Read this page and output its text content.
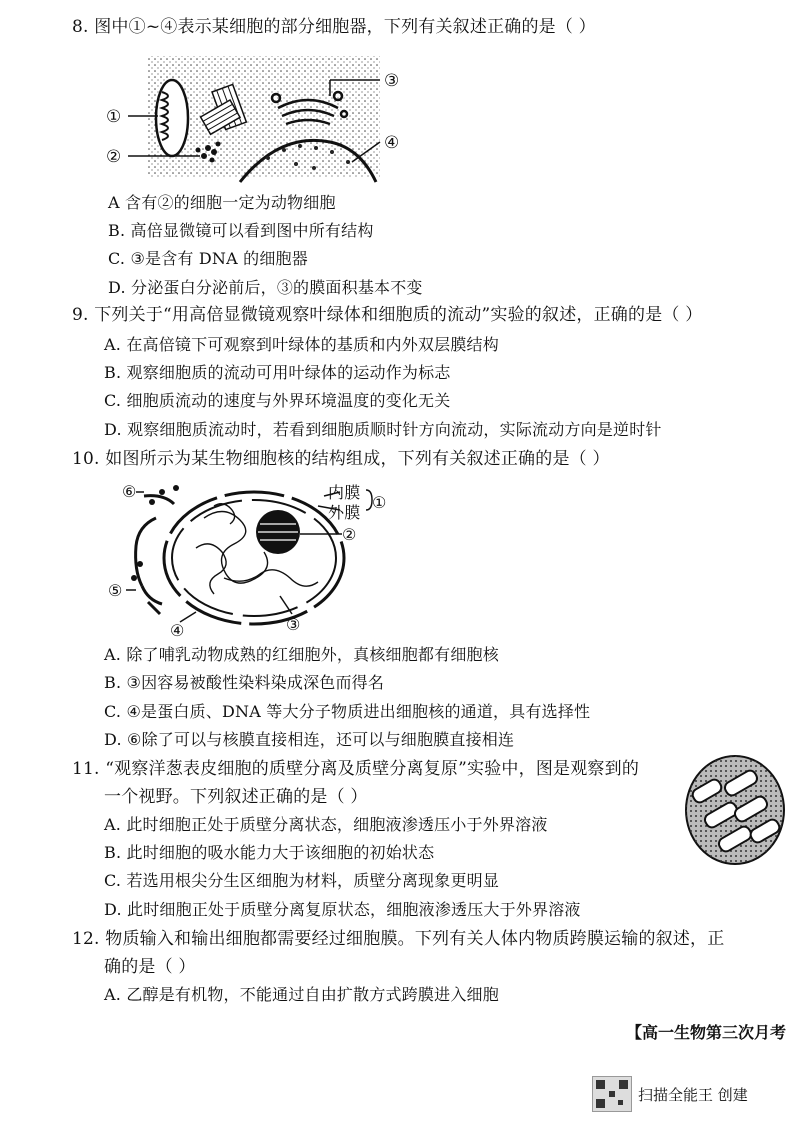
8. 图中①~④表示某细胞的部分细胞器，下列有关叙述正确的是（ ）
①
②
③
④
A 含有②的细胞一定为动物细胞
B. 高倍显微镜可以看到图中所有结构
C. ③是含有 DNA 的细胞器
D. 分泌蛋白分泌前后，③的膜面积基本不变
9. 下列关于“用高倍显微镜观察叶绿体和细胞质的流动”实验的叙述，正确的是（ ）
A. 在高倍镜下可观察到叶绿体的基质和内外双层膜结构
B. 观察细胞质的流动可用叶绿体的运动作为标志
C. 细胞质流动的速度与外界环境温度的变化无关
D. 观察细胞质流动时，若看到细胞质顺时针方向流动，实际流动方向是逆时针
10. 如图所示为某生物细胞核的结构组成，下列有关叙述正确的是（ ）
内膜
外膜
①
②
③
④
⑤
⑥
A. 除了哺乳动物成熟的红细胞外，真核细胞都有细胞核
B. ③因容易被酸性染料染成深色而得名
C. ④是蛋白质、DNA 等大分子物质进出细胞核的通道，具有选择性
D. ⑥除了可以与核膜直接相连，还可以与细胞膜直接相连
11. “观察洋葱表皮细胞的质壁分离及质壁分离复原”实验中，图是观察到的
一个视野。下列叙述正确的是（ ）
A. 此时细胞正处于质壁分离状态，细胞液渗透压小于外界溶液
B. 此时细胞的吸水能力大于该细胞的初始状态
C. 若选用根尖分生区细胞为材料，质壁分离现象更明显
D. 此时细胞正处于质壁分离复原状态，细胞液渗透压大于外界溶液
12. 物质输入和输出细胞都需要经过细胞膜。下列有关人体内物质跨膜运输的叙述，正
确的是（ ）
A. 乙醇是有机物，不能通过自由扩散方式跨膜进入细胞
【高一生物第三次月考
扫描全能王 创建
